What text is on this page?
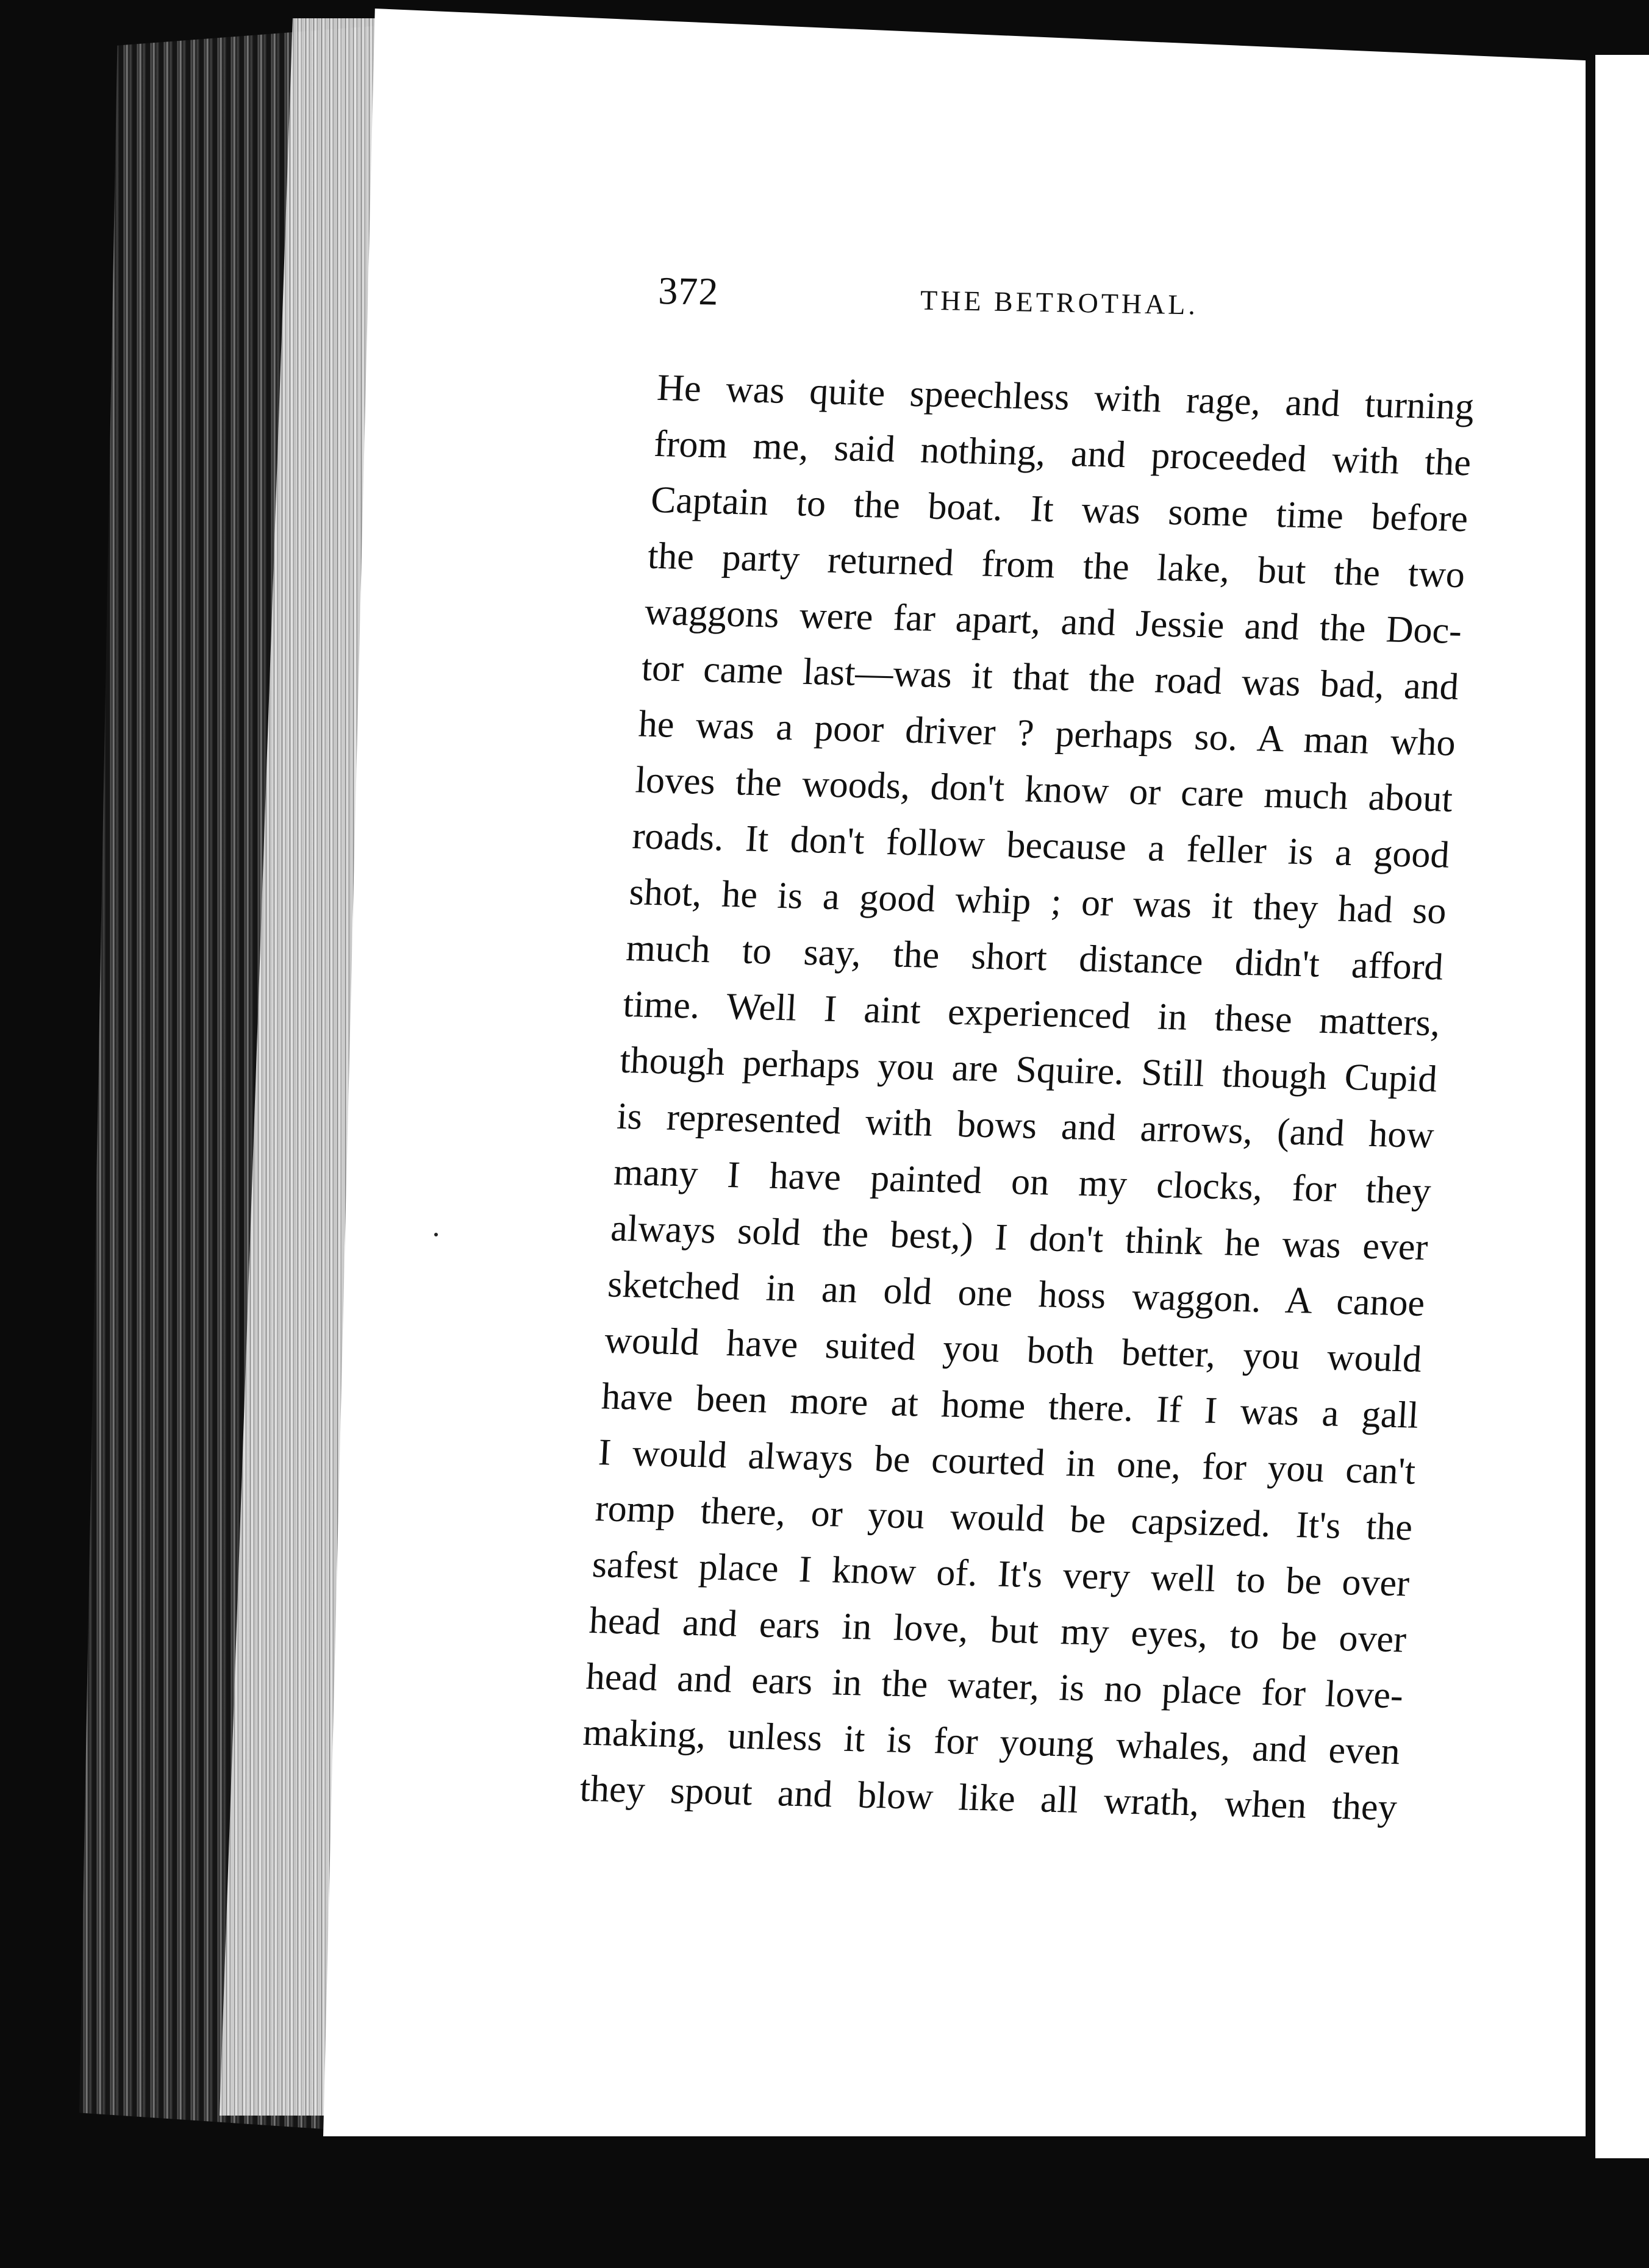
372	THE BETROTHAL.
He was quite speechless with rage, and turning
from me, said nothing, and proceeded with the
Captain to the boat. It was some time before
the party returned from the lake, but the two
waggons were far apart, and Jessie and the Doc-
tor came last—was it that the road was bad, and
he was a poor driver ? perhaps so. A man who
loves the woods, don't know or care much about
roads. It don't follow because a feller is a good
shot, he is a good whip ; or was it they had so
much to say, the short distance didn't afford
time. Well I aint experienced in these matters,
though perhaps you are Squire. Still though Cupid
is represented with bows and arrows, (and how
many I have painted on my clocks, for they
always sold the best,) I don't think he was ever
sketched in an old one hoss waggon. A canoe
would have suited you both better, you would
have been more at home there. If I was a gall
I would always be courted in one, for you can't
romp there, or you would be capsized. It's the
safest place I know of. It's very well to be over
head and ears in love, but my eyes, to be over
head and ears in the water, is no place for love-
making, unless it is for young whales, and even
they spout and blow like all wrath, when they
